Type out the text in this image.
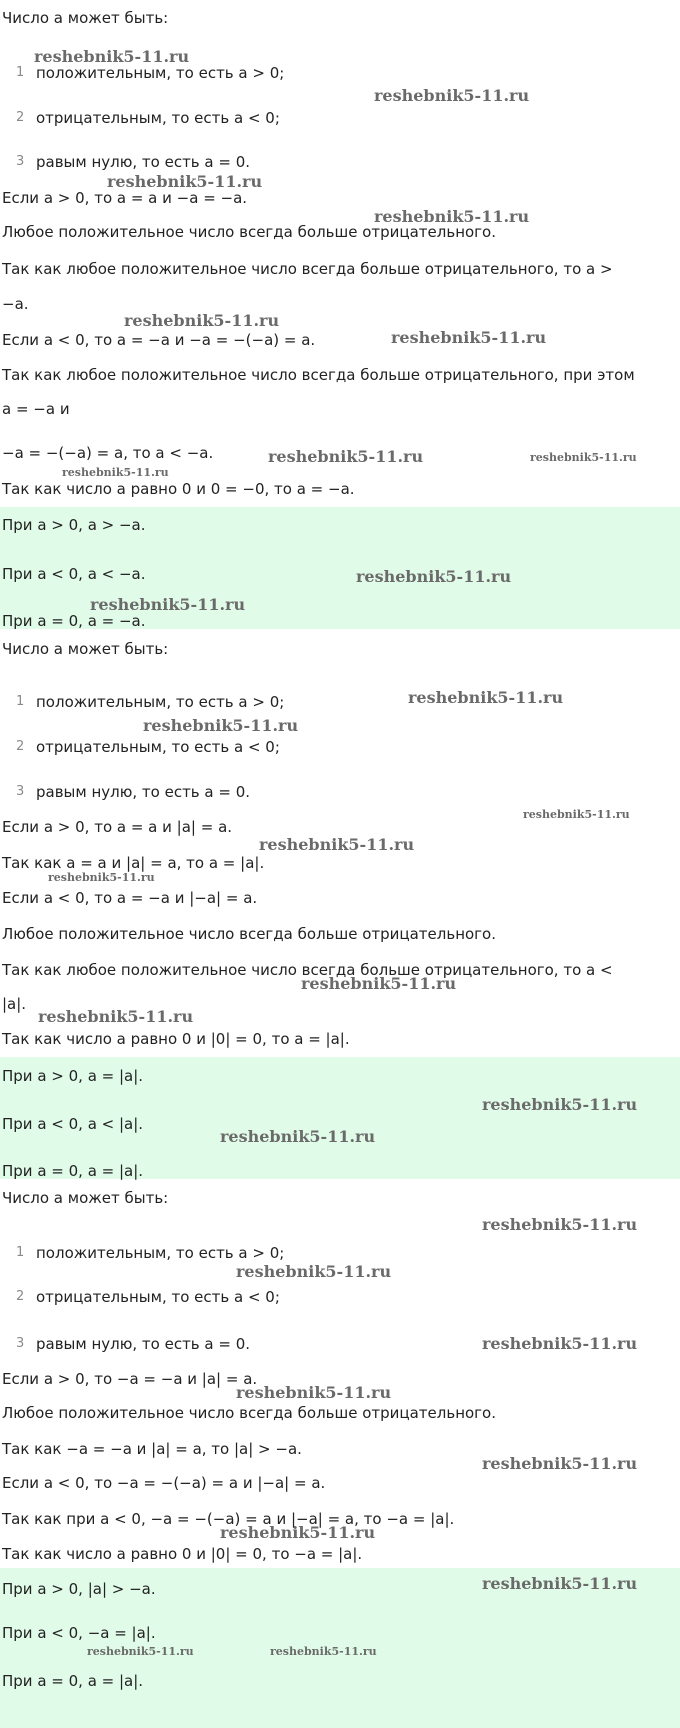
Число a может быть:
1 положительным, то есть a > 0;
2 отрицательным, то есть a < 0;
3 равым нулю, то есть a = 0.
Если a > 0, то a = a и −a = −a.
Любое положительное число всегда больше отрицательного.
Так как любое положительное число всегда больше отрицательного, то a >
−a.
Если a < 0, то a = −a и −a = −(−a) = a.
Так как любое положительное число всегда больше отрицательного, при этом
a = −a и
−a = −(−a) = a, то a < −a.
Так как число a равно 0 и 0 = −0, то a = −a.
При a > 0, a > −a.
При a < 0, a < −a.
При a = 0, a = −a.
Число a может быть:
1 положительным, то есть a > 0;
2 отрицательным, то есть a < 0;
3 равым нулю, то есть a = 0.
Если a > 0, то a = a и |a| = a.
Так как a = a и |a| = a, то a = |a|.
Если a < 0, то a = −a и |−a| = a.
Любое положительное число всегда больше отрицательного.
Так как любое положительное число всегда больше отрицательного, то a <
|a|.
Так как число a равно 0 и |0| = 0, то a = |a|.
При a > 0, a = |a|.
При a < 0, a < |a|.
При a = 0, a = |a|.
Число a может быть:
1 положительным, то есть a > 0;
2 отрицательным, то есть a < 0;
3 равым нулю, то есть a = 0.
Если a > 0, то −a = −a и |a| = a.
Любое положительное число всегда больше отрицательного.
Так как −a = −a и |a| = a, то |a| > −a.
Если a < 0, то −a = −(−a) = a и |−a| = a.
Так как при a < 0, −a = −(−a) = a и |−a| = a, то −a = |a|.
Так как число a равно 0 и |0| = 0, то −a = |a|.
При a > 0, |a| > −a.
При a < 0, −a = |a|.
При a = 0, a = |a|.
reshebnik5-11.ru
reshebnik5-11.ru
reshebnik5-11.ru
reshebnik5-11.ru
reshebnik5-11.ru
reshebnik5-11.ru
reshebnik5-11.ru	reshebnik5-11.ru
reshebnik5-11.ru
reshebnik5-11.ru
reshebnik5-11.ru
reshebnik5-11.ru
reshebnik5-11.ru
reshebnik5-11.ru
reshebnik5-11.ru
reshebnik5-11.ru
reshebnik5-11.ru
reshebnik5-11.ru
reshebnik5-11.ru
reshebnik5-11.ru
reshebnik5-11.ru
reshebnik5-11.ru
reshebnik5-11.ru
reshebnik5-11.ru
reshebnik5-11.ru
reshebnik5-11.ru
reshebnik5-11.ru
reshebnik5-11.ru	reshebnik5-11.ru
